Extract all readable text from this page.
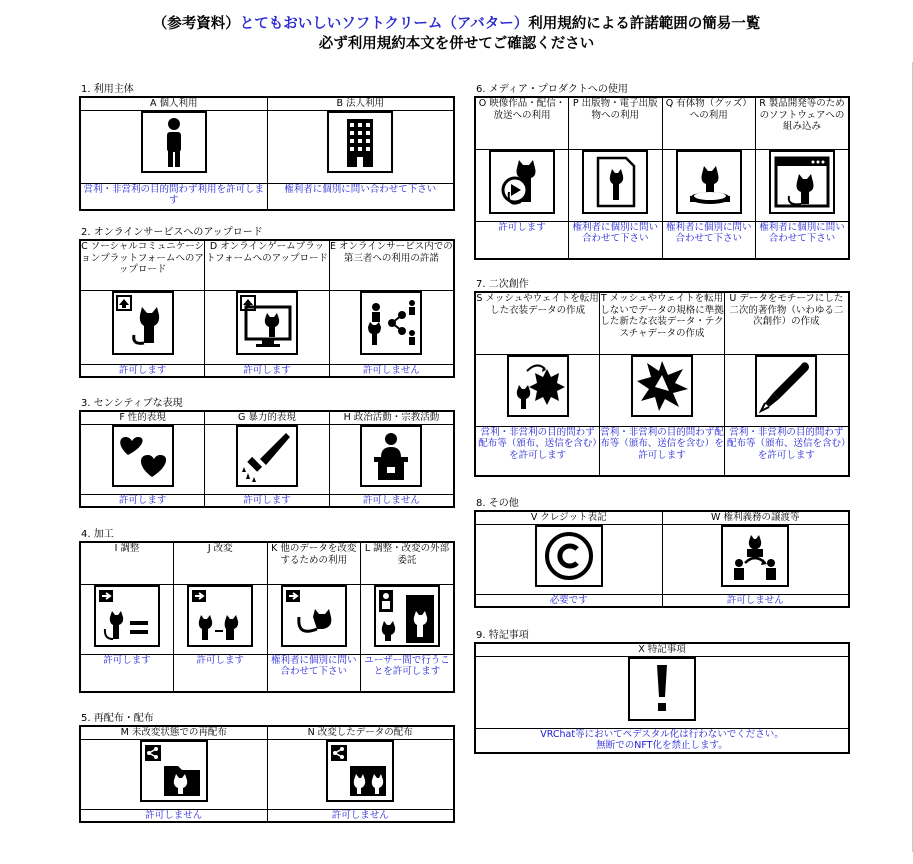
（参考資料）とてもおいしいソフトクリーム（アバター）利用規約による許諾範囲の簡易一覧
必ず利用規約本文を併せてご確認ください
1. 利用主体
A 個人利用	B 法人利用

営利・非営利の目的問わず利用を許可します	権利者に個別に問い合わせて下さい
2. オンラインサービスへのアップロード
C ソーシャルコミュニケーションプラットフォームへのアップロード	D オンラインゲームプラットフォームへのアップロード	E オンラインサービス内での第三者への利用の許諾

許可します	許可します	許可しません
3. センシティブな表現
F 性的表現	G 暴力的表現	H 政治活動・宗教活動

許可します	許可します	許可しません
4. 加工
I 調整	J 改変	K 他のデータを改変するための利用	L 調整・改変の外部委託

許可します	許可します	権利者に個別に問い合わせて下さい	ユーザー間で行うことを許可します
5. 再配布・配布
M 未改変状態での再配布	N 改変したデータの配布

許可しません	許可しません
6. メディア・プロダクトへの使用
O 映像作品・配信・放送への利用	P 出版物・電子出版物への利用	Q 有体物（グッズ）への利用	R 製品開発等のためのソフトウェアへの組み込み

許可します	権利者に個別に問い合わせて下さい	権利者に個別に問い合わせて下さい	権利者に個別に問い合わせて下さい
7. 二次創作
S メッシュやウェイトを転用した衣装データの作成	T メッシュやウェイトを転用しないでデータの規格に準拠した新たな衣装データ・テクスチャデータの作成	U データをモチーフにした二次的著作物（いわゆる二次創作）の作成

営利・非営利の目的問わず配布等（頒布、送信を含む）を許可します	営利・非営利の目的問わず配布等（頒布、送信を含む）を許可します	営利・非営利の目的問わず配布等（頒布、送信を含む）を許可します
8. その他
V クレジット表記	W 権利義務の譲渡等

必要です	許可しません
9. 特記事項
X 特記事項

VRChat等においてペデスタル化は行わないでください。
無断でのNFT化を禁止します。
